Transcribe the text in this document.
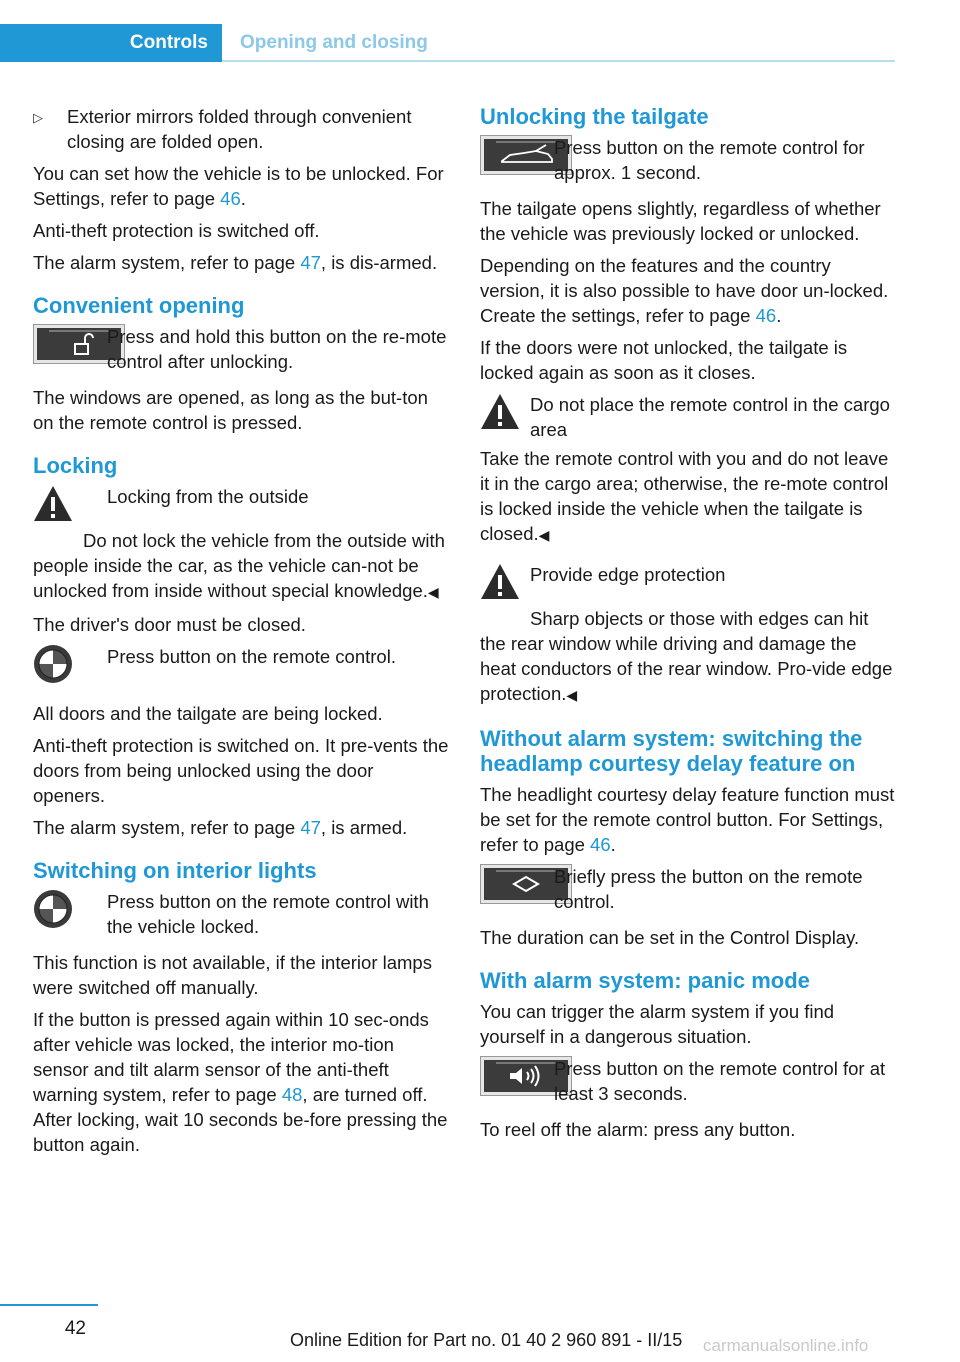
Controls	Opening and closing
▷	Exterior mirrors folded through convenient closing are folded open.

You can set how the vehicle is to be unlocked. For Settings, refer to page 46.

Anti-theft protection is switched off.

The alarm system, refer to page 47, is dis-armed.

Convenient opening
Press and hold this button on the re-mote control after unlocking.

The windows are opened, as long as the but-ton on the remote control is pressed.

Locking
Locking from the outside

Do not lock the vehicle from the outside with people inside the car, as the vehicle can-not be unlocked from inside without special knowledge.◀

The driver's door must be closed.

Press button on the remote control.

All doors and the tailgate are being locked.

Anti-theft protection is switched on. It pre-vents the doors from being unlocked using the door openers.

The alarm system, refer to page 47, is armed.

Switching on interior lights
Press button on the remote control with the vehicle locked.

This function is not available, if the interior lamps were switched off manually.

If the button is pressed again within 10 sec-onds after vehicle was locked, the interior mo-tion sensor and tilt alarm sensor of the anti-theft warning system, refer to page 48, are turned off. After locking, wait 10 seconds be-fore pressing the button again.

Unlocking the tailgate
Press button on the remote control for approx. 1 second.

The tailgate opens slightly, regardless of whether the vehicle was previously locked or unlocked.

Depending on the features and the country version, it is also possible to have door un-locked. Create the settings, refer to page 46.

If the doors were not unlocked, the tailgate is locked again as soon as it closes.

Do not place the remote control in the cargo area

Take the remote control with you and do not leave it in the cargo area; otherwise, the re-mote control is locked inside the vehicle when the tailgate is closed.◀

Provide edge protection

Sharp objects or those with edges can hit the rear window while driving and damage the heat conductors of the rear window. Pro-vide edge protection.◀

Without alarm system: switching the headlamp courtesy delay feature on

The headlight courtesy delay feature function must be set for the remote control button. For Settings, refer to page 46.

Briefly press the button on the remote control.

The duration can be set in the Control Display.

With alarm system: panic mode

You can trigger the alarm system if you find yourself in a dangerous situation.

Press button on the remote control for at least 3 seconds.

To reel off the alarm: press any button.

42
Online Edition for Part no. 01 40 2 960 891 - II/15 carmanualsonline.info
